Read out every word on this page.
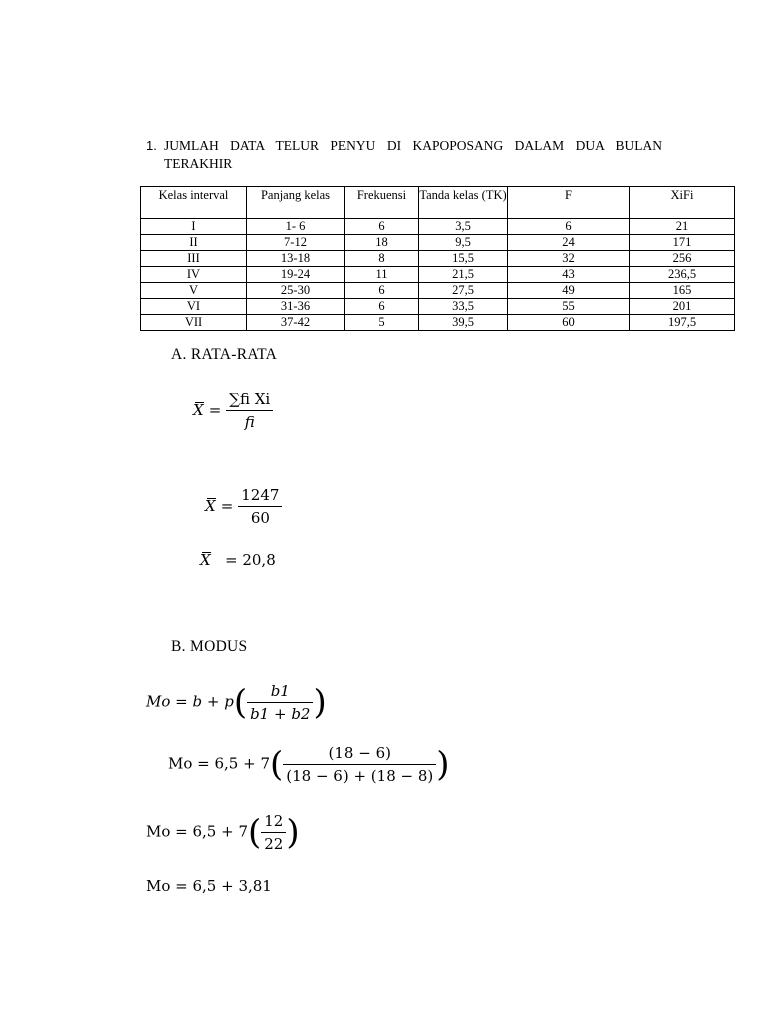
1. JUMLAH DATA TELUR PENYU DI KAPOPOSANG DALAM DUA BULAN
TERAKHIR
Kelas interval	Panjang kelas	Frekuensi	Tanda kelas (TK)	F	XiFi
I	1- 6	6	3,5	6	21
II	7-12	18	9,5	24	171
III	13-18	8	15,5	32	256
IV	19-24	11	21,5	43	236,5
V	25-30	6	27,5	49	165
VI	31-36	6	33,5	55	201
VII	37-42	5	39,5	60	197,5
A. RATA-RATA
$X = \frac{\text{∑fi Xi}}{fi}$
$X = \frac{1247}{60}$
X = 20,8
B. MODUS
$Mo = b + p( \frac{b1}{b1 + b2}$ )
$Mo = 6,5 + 7( \frac{(18 - 6)}{(18 - 6) + (18 - 8)}$ )
$Mo = 6,5 + 7( \frac{12}{22}$ )
Mo = 6,5 + 3,81
